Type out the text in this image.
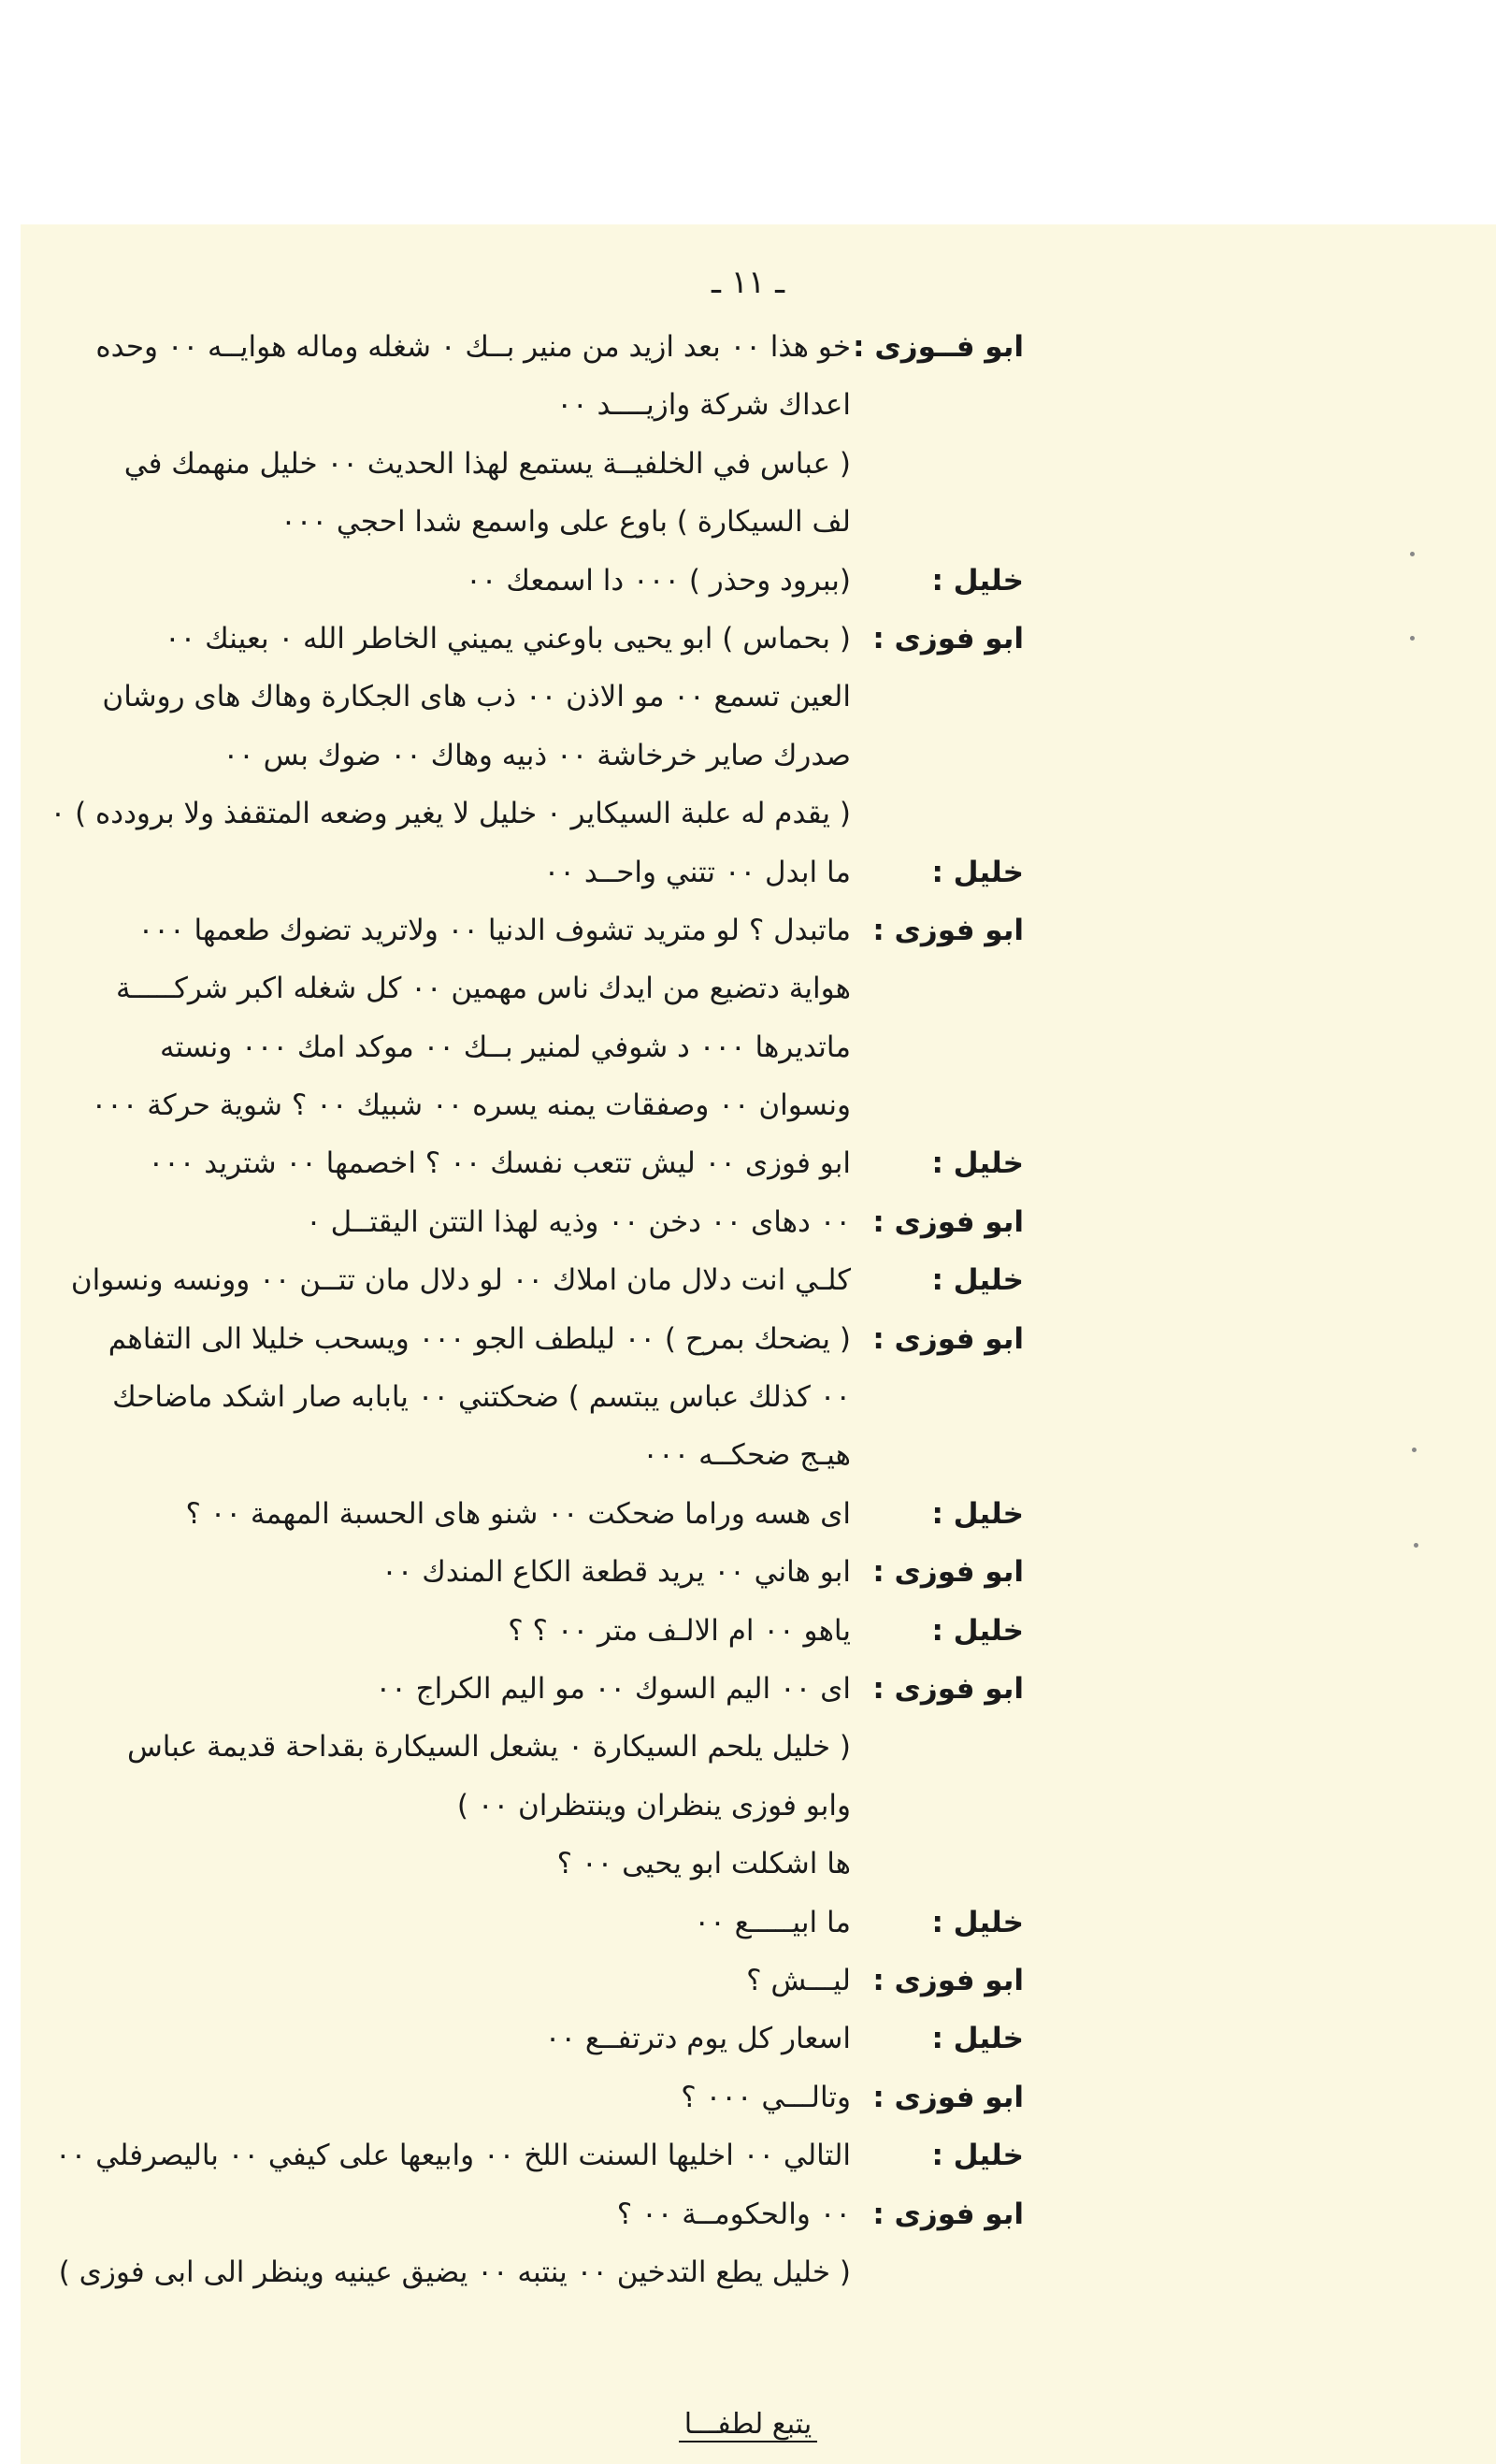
ـ ١١ ـ
ابو فــوزى :
خو هذا ٠٠ بعد ازيد من منير بــك ٠ شغله وماله هوايــه ٠٠ وحده
اعداك شركة وازيــــد ٠٠
( عباس في الخلفيــة يستمع لهذا الحديث ٠٠ خليل منهمك في
لف السيكارة ) باوع على واسمع شدا احجي ٠٠٠
خليل :
(ببرود وحذر ) ٠٠٠ دا اسمعك ٠٠
ابو فوزى :
( بحماس ) ابو يحيى باوعني يميني الخاطر الله ٠ بعينك ٠٠
العين تسمع ٠٠ مو الاذن ٠٠ ذب هاى الجكارة وهاك هاى روشان
صدرك صاير خرخاشة ٠٠ ذبيه وهاك ٠٠ ضوك بس ٠٠
( يقدم له علبة السيكاير ٠ خليل لا يغير وضعه المتقفذ ولا برودده ) ٠
خليل :
ما ابدل ٠٠ تتني واحــد ٠٠
ابو فوزى :
ماتبدل ؟ لو متريد تشوف الدنيا ٠٠ ولاتريد تضوك طعمها ٠٠٠
هواية دتضيع من ايدك ناس مهمين ٠٠ كل شغله اكبر شركـــــة
ماتديرها ٠٠٠ د شوفي لمنير بــك ٠٠ موكد امك ٠٠٠ ونسته
ونسوان ٠٠ وصفقات يمنه يسره ٠٠ شبيك ٠٠ ؟ شوية حركة ٠٠٠
خليل :
ابو فوزى ٠٠ ليش تتعب نفسك ٠٠ ؟ اخصمها ٠٠ شتريد ٠٠٠
ابو فوزى :
٠٠ دهاى ٠٠ دخن ٠٠ وذيه لهذا التتن اليقتــل ٠
خليل :
كلـي انت دلال مان املاك ٠٠ لو دلال مان تتــن ٠٠ وونسه ونسوان
ابو فوزى :
( يضحك بمرح ) ٠٠ ليلطف الجو ٠٠٠ ويسحب خليلا الى التفاهم
٠٠ كذلك عباس يبتسم ) ضحكتني ٠٠ يابابه صار اشكد ماضاحك
هيـج ضحكــه ٠٠٠
خليل :
اى هسه وراما ضحكت ٠٠ شنو هاى الحسبة المهمة ٠٠ ؟
ابو فوزى :
ابو هاني ٠٠ يريد قطعة الكاع المندك ٠٠
خليل :
ياهو ٠٠ ام الالـف متر ٠٠ ؟ ؟
ابو فوزى :
اى ٠٠ اليم السوك ٠٠ مو اليم الكراج ٠٠
( خليل يلحم السيكارة ٠ يشعل السيكارة بقداحة قديمة عباس
وابو فوزى ينظران وينتظران ٠٠ )
ها اشكلت ابو يحيى ٠٠ ؟
خليل :
ما ابيـــــع ٠٠
ابو فوزى :
ليـــش ؟
خليل :
اسعار كل يوم دترتفــع ٠٠
ابو فوزى :
وتالـــي ٠٠٠ ؟
خليل :
التالي ٠٠ اخليها السنت اللخ ٠٠ وابيعها على كيفي ٠٠ باليصرفلي ٠٠
ابو فوزى :
٠٠ والحكومــة ٠٠ ؟
( خليل يطع التدخين ٠٠ ينتبه ٠٠ يضيق عينيه وينظر الى ابى فوزى )
يتبع لطفـــا
